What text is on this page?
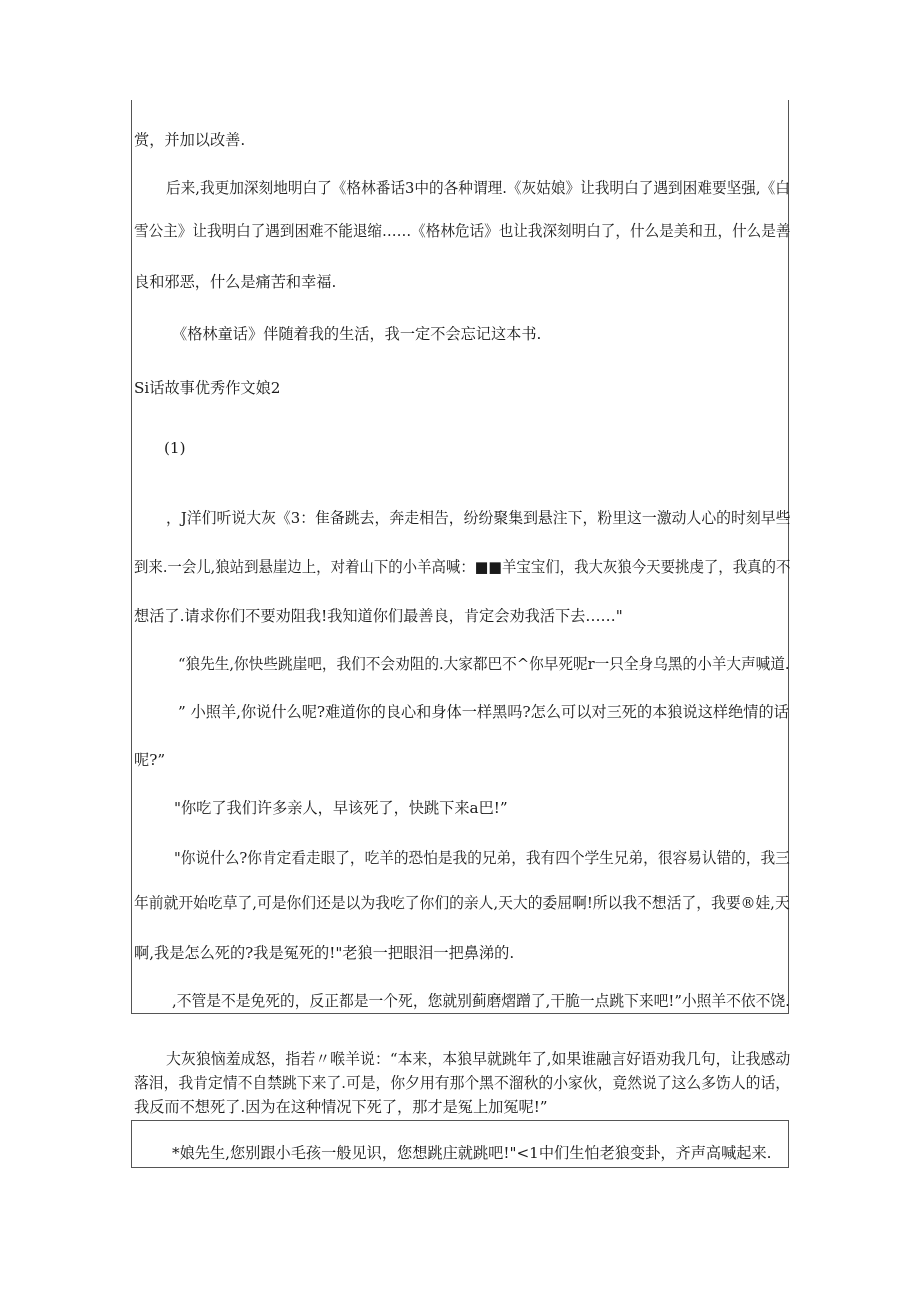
赏，并加以改善.
后来,我更加深刻地明白了《格林番话3中的各种谓理.《灰姑娘》让我明白了遇到困难要坚强,《白
雪公主》让我明白了遇到困难不能退缩……《格林危话》也让我深刻明白了，什么是美和丑，什么是善
良和邪恶，什么是痛苦和幸福.
《格林童话》伴随着我的生活，我一定不会忘记这本书.
Si话故事优秀作文娘2
(1)
，J洋们听说大灰《3：隹备跳去，奔走相告，纷纷聚集到悬注下，粉里这一激动人心的时刻早些
到来.一会儿,狼站到悬崖边上，对着山下的小羊高喊：■■羊宝宝们，我大灰狼今天要挑虔了，我真的不
想活了.请求你们不要劝阻我!我知道你们最善良，肯定会劝我活下去……"
“狼先生,你快些跳崖吧，我们不会劝阻的.大家都巴不^你早死呢r一只全身乌黑的小羊大声喊道.
” 小照羊,你说什么呢?难道你的良心和身体一样黑吗?怎么可以对三死的本狼说这样绝情的话
呢?”
"你吃了我们许多亲人，早该死了，快跳下来a巴!”
"你说什么?你肯定看走眼了，吃羊的恐怕是我的兄弟，我有四个学生兄弟，很容易认错的，我三
年前就开始吃草了,可是你们还是以为我吃了你们的亲人,天大的委屈啊!所以我不想活了，我要®娃,天
啊,我是怎么死的?我是冤死的!"老狼一把眼泪一把鼻涕的.
,不管是不是免死的，反正都是一个死，您就别蓟磨熠蹭了,干脆一点跳下来吧!”小照羊不依不饶.
大灰狼恼羞成怒，指若〃喉羊说：“本来，本狼早就跳年了,如果谁融言好语劝我几句，让我感动
落泪，我肯定情不自禁跳下来了.可是，你夕用有那个黑不溜秋的小家伙，竟然说了这么多饬人的话，
我反而不想死了.因为在这种情况下死了，那才是冤上加冤呢!”
*娘先生,您别跟小毛孩一般见识，您想跳庄就跳吧!"<1中们生怕老狼变卦，齐声高喊起来.
